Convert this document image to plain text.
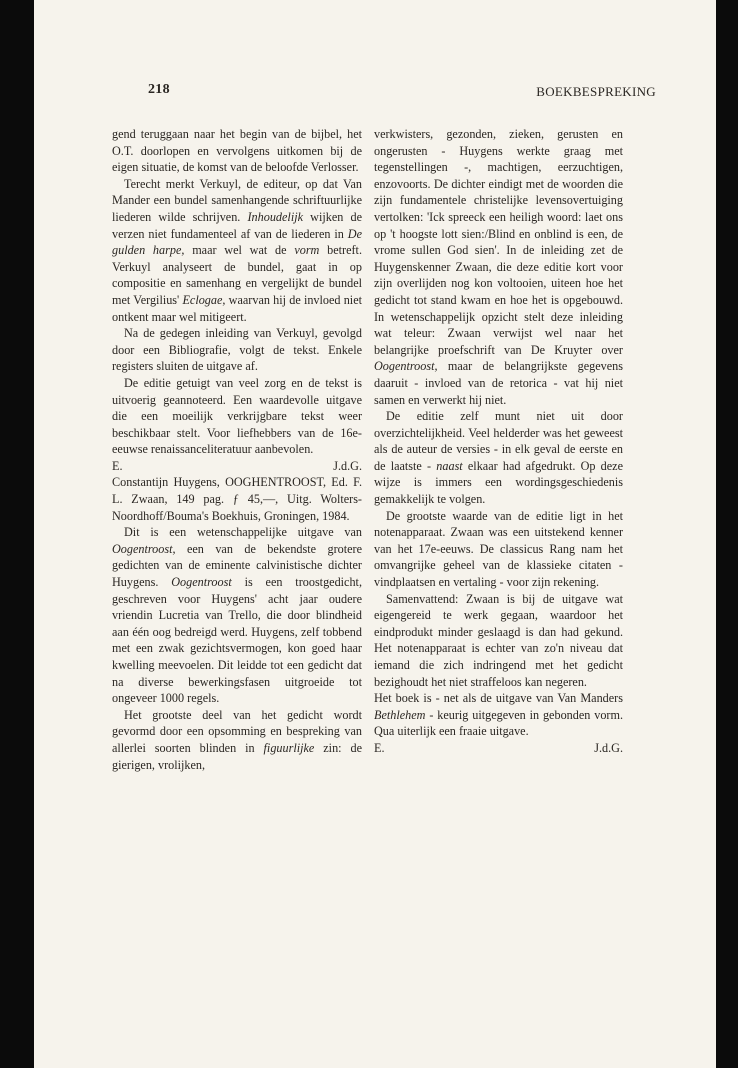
218	BOEKBESPREKING

gend teruggaan naar het begin van de bijbel, het O.T. doorlopen en vervolgens uitkomen bij de eigen situatie, de komst van de beloofde Verlosser.

Terecht merkt Verkuyl, de editeur, op dat Van Mander een bundel samenhangende schriftuurlijke liederen wilde schrijven. Inhoudelijk wijken de verzen niet fundamenteel af van de liederen in De gulden harpe, maar wel wat de vorm betreft. Verkuyl analyseert de bundel, gaat in op compositie en samenhang en vergelijkt de bundel met Vergilius' Eclogae, waarvan hij de invloed niet ontkent maar wel mitigeert.

Na de gedegen inleiding van Verkuyl, gevolgd door een Bibliografie, volgt de tekst. Enkele registers sluiten de uitgave af.

De editie getuigt van veel zorg en de tekst is uitvoerig geannoteerd. Een waardevolle uitgave die een moeilijk verkrijgbare tekst weer beschikbaar stelt. Voor liefhebbers van de 16e-eeuwse renaissanceliteratuur aanbevolen.

E.	J.d.G.

Constantijn Huygens, OOGHENTROOST, Ed. F. L. Zwaan, 149 pag. ƒ 45,—, Uitg. Wolters-Noordhoff/Bouma's Boekhuis, Groningen, 1984.

Dit is een wetenschappelijke uitgave van Oogentroost, een van de bekendste grotere gedichten van de eminente calvinistische dichter Huygens. Oogentroost is een troostgedicht, geschreven voor Huygens' acht jaar oudere vriendin Lucretia van Trello, die door blindheid aan één oog bedreigd werd. Huygens, zelf tobbend met een zwak gezichtsvermogen, kon goed haar kwelling meevoelen. Dit leidde tot een gedicht dat na diverse bewerkingsfasen uitgroeide tot ongeveer 1000 regels.

Het grootste deel van het gedicht wordt gevormd door een opsomming en bespreking van allerlei soorten blinden in figuurlijke zin: de gierigen, vrolijken,

verkwisters, gezonden, zieken, gerusten en ongerusten - Huygens werkte graag met tegenstellingen -, machtigen, eerzuchtigen, enzovoorts. De dichter eindigt met de woorden die zijn fundamentele christelijke levensovertuiging vertolken: 'Ick spreeck een heiligh woord: laet ons op 't hoogste lott sien:/Blind en onblind is een, de vrome sullen God sien'. In de inleiding zet de Huygenskenner Zwaan, die deze editie kort voor zijn overlijden nog kon voltooien, uiteen hoe het gedicht tot stand kwam en hoe het is opgebouwd. In wetenschappelijk opzicht stelt deze inleiding wat teleur: Zwaan verwijst wel naar het belangrijke proefschrift van De Kruyter over Oogentroost, maar de belangrijkste gegevens daaruit - invloed van de retorica - vat hij niet samen en verwerkt hij niet.

De editie zelf munt niet uit door overzichtelijkheid. Veel helderder was het geweest als de auteur de versies - in elk geval de eerste en de laatste - naast elkaar had afgedrukt. Op deze wijze is immers een wordingsgeschiedenis gemakkelijk te volgen.

De grootste waarde van de editie ligt in het notenapparaat. Zwaan was een uitstekend kenner van het 17e-eeuws. De classicus Rang nam het omvangrijke geheel van de klassieke citaten - vindplaatsen en vertaling - voor zijn rekening.

Samenvattend: Zwaan is bij de uitgave wat eigengereid te werk gegaan, waardoor het eindprodukt minder geslaagd is dan had gekund. Het notenapparaat is echter van zo'n niveau dat iemand die zich indringend met het gedicht bezighoudt het niet straffeloos kan negeren.

Het boek is - net als de uitgave van Van Manders Bethlehem - keurig uitgegeven in gebonden vorm. Qua uiterlijk een fraaie uitgave.

E.	J.d.G.
